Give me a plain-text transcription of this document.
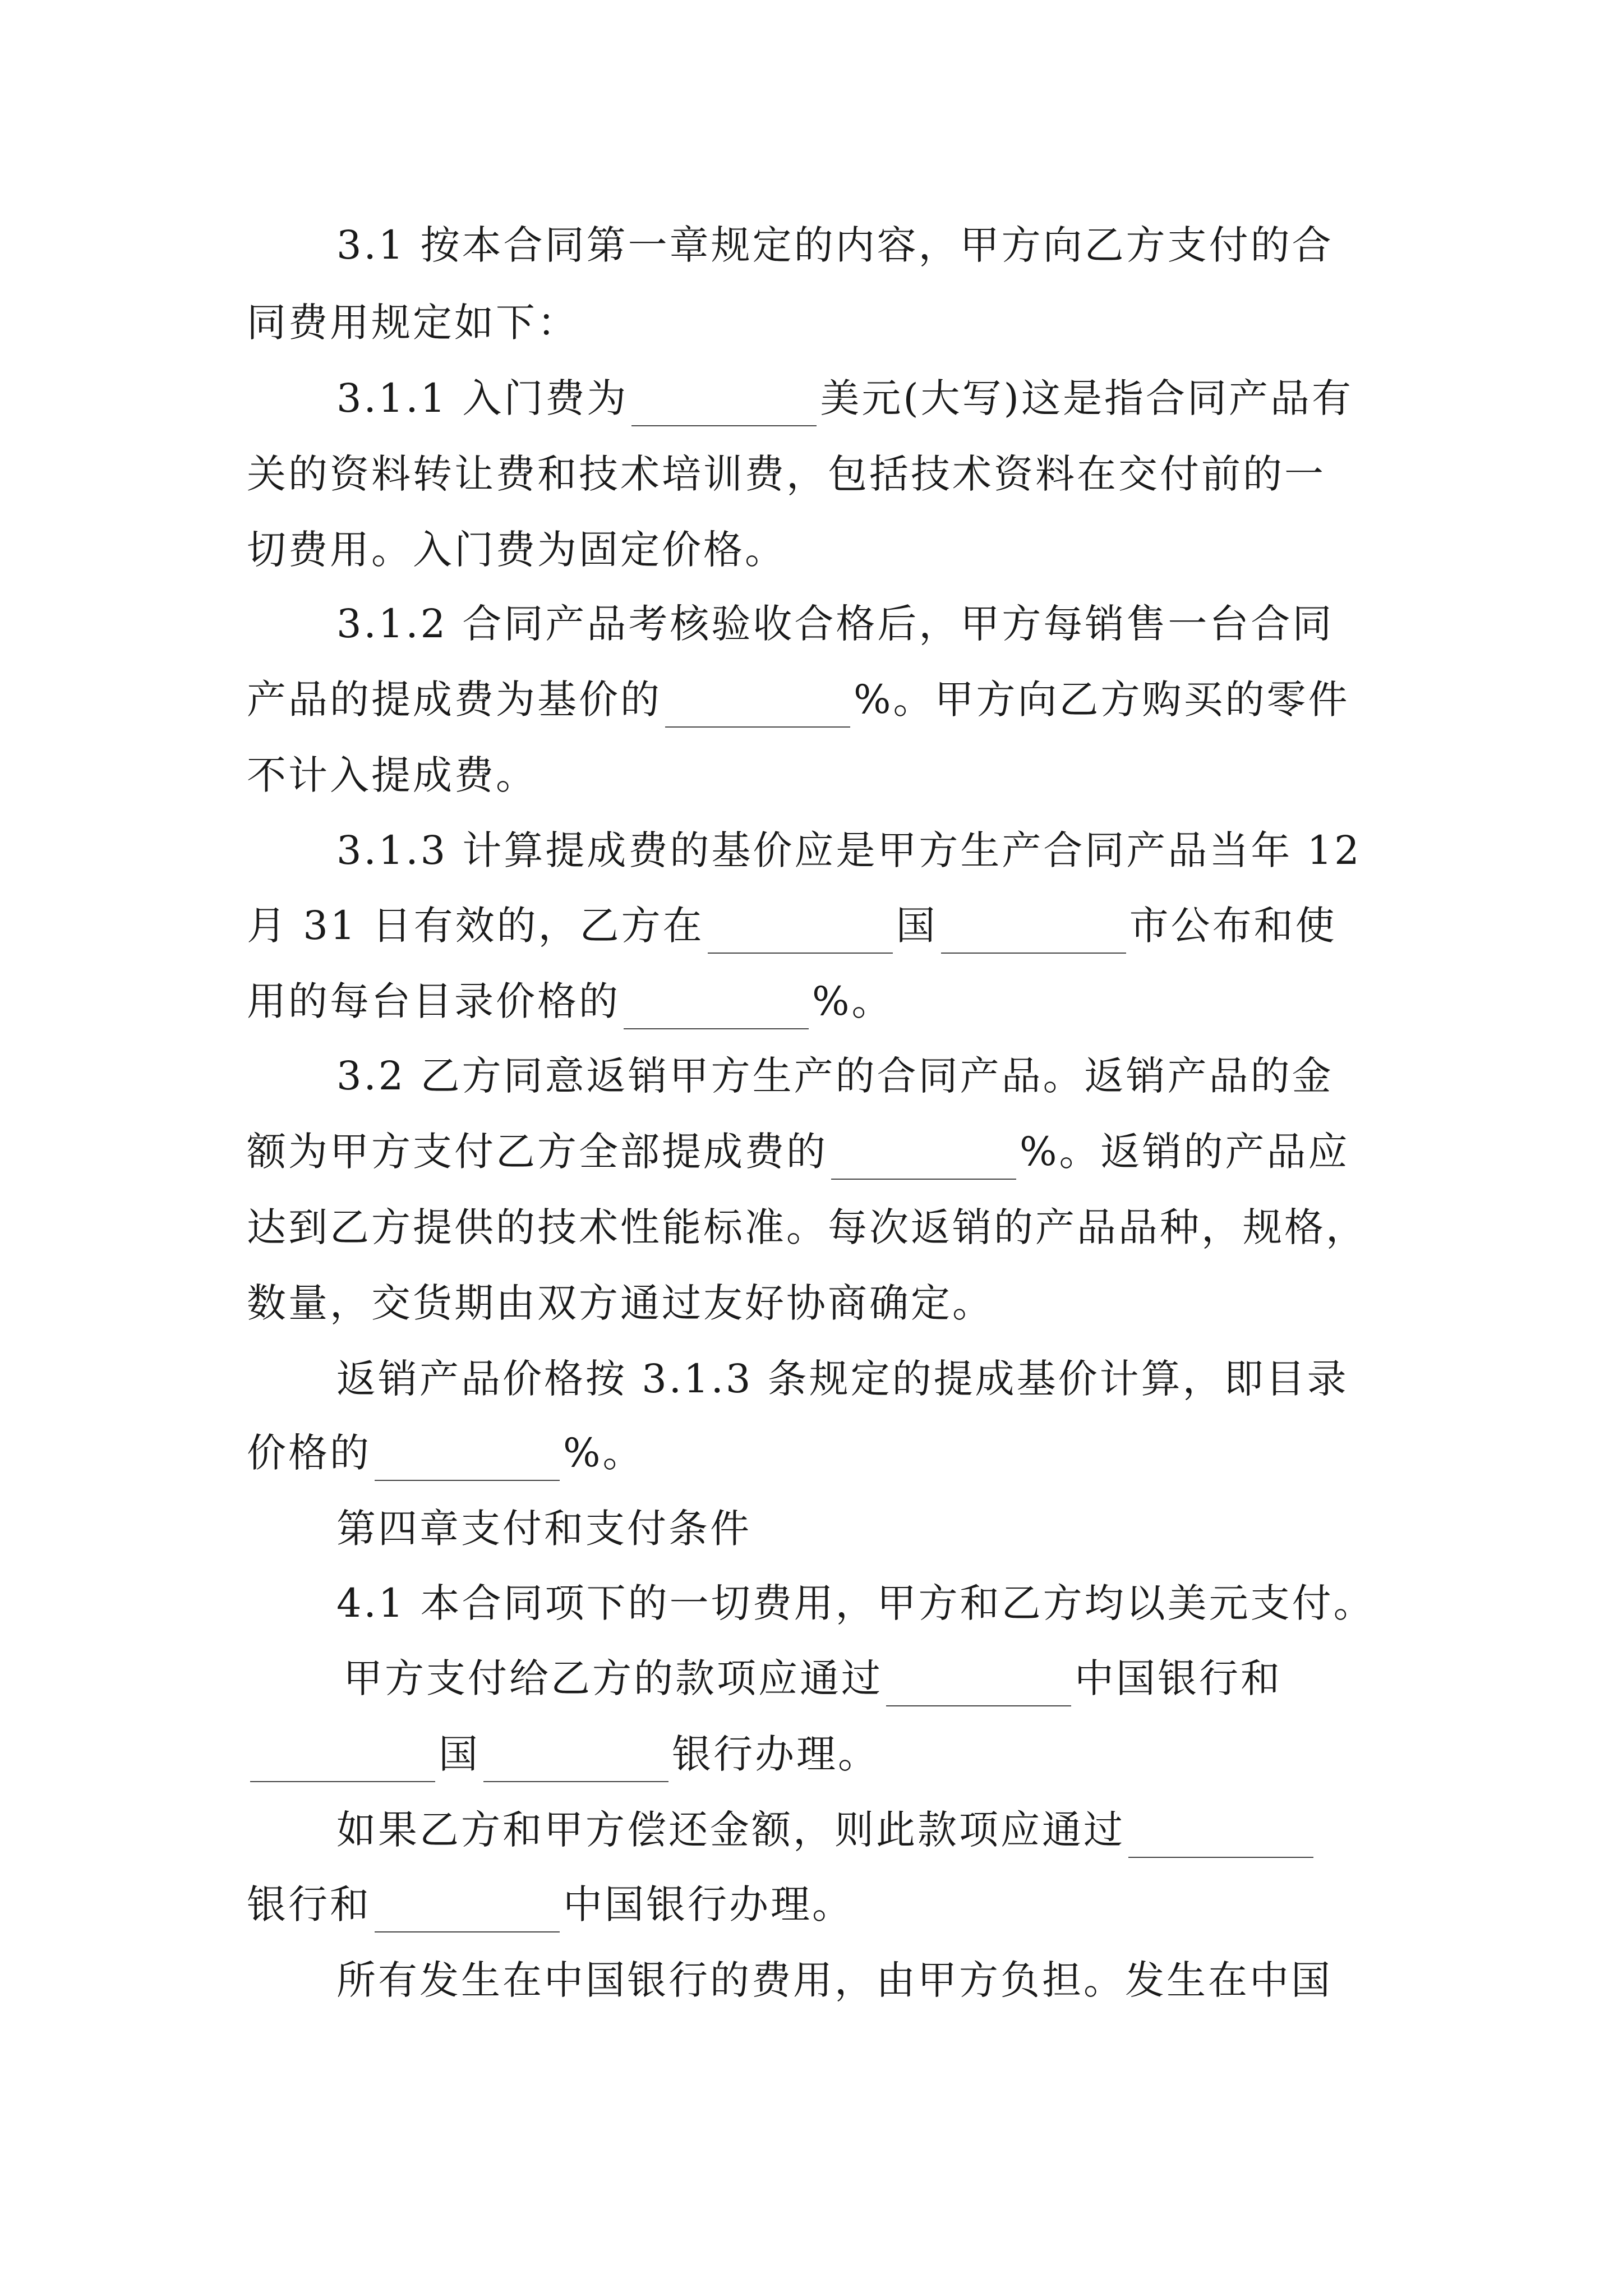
3.1 按本合同第一章规定的内容，甲方向乙方支付的合
同费用规定如下：
3.1.1 入门费为	美元(大写)这是指合同产品有
关的资料转让费和技术培训费，包括技术资料在交付前的一
切费用。入门费为固定价格。
3.1.2 合同产品考核验收合格后，甲方每销售一台合同
产品的提成费为基价的	%。甲方向乙方购买的零件
不计入提成费。
3.1.3 计算提成费的基价应是甲方生产合同产品当年 12
月 31 日有效的，乙方在	国	市公布和使
用的每台目录价格的	%。
3.2 乙方同意返销甲方生产的合同产品。返销产品的金
额为甲方支付乙方全部提成费的	%。返销的产品应
达到乙方提供的技术性能标准。每次返销的产品品种，规格，
数量，交货期由双方通过友好协商确定。
返销产品价格按 3.1.3 条规定的提成基价计算，即目录
价格的	%。
第四章支付和支付条件
4.1 本合同项下的一切费用，甲方和乙方均以美元支付。
甲方支付给乙方的款项应通过	中国银行和
国	银行办理。
如果乙方和甲方偿还金额，则此款项应通过
银行和	中国银行办理。
所有发生在中国银行的费用，由甲方负担。发生在中国
